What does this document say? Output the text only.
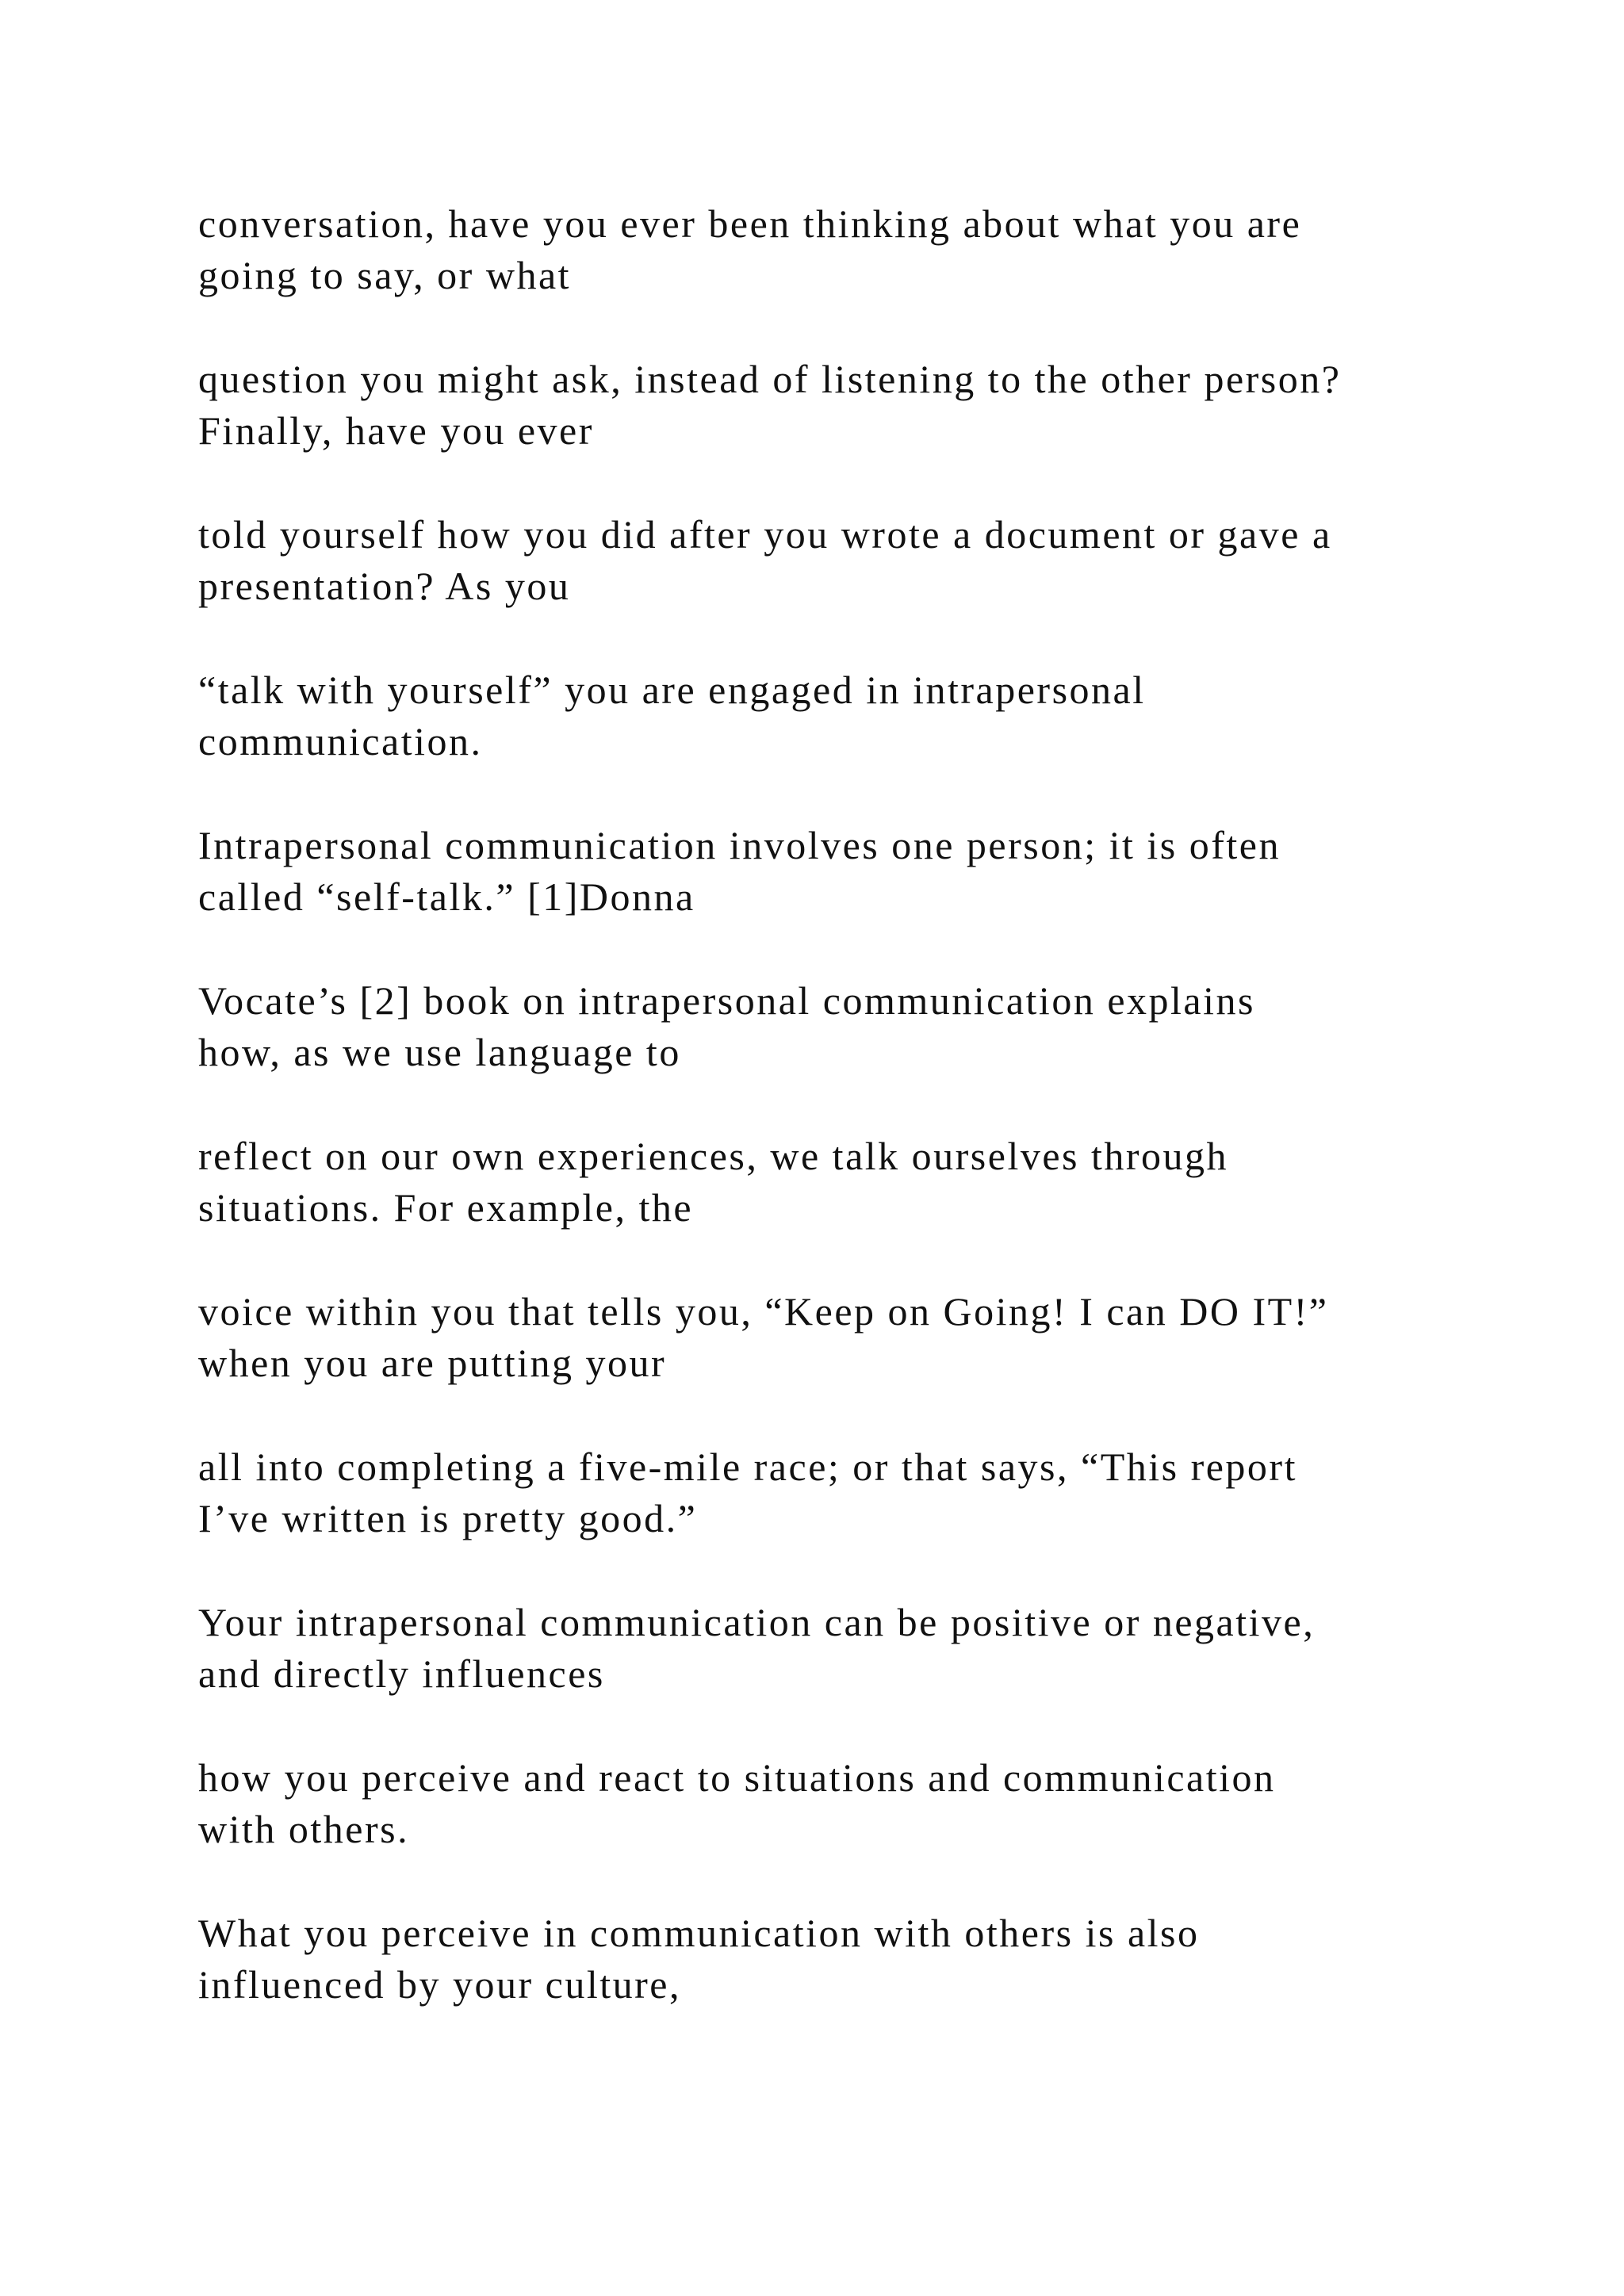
conversation, have you ever been thinking about what you are
going to say, or what

question you might ask, instead of listening to the other person?
Finally, have you ever

told yourself how you did after you wrote a document or gave a
presentation? As you

“talk with yourself” you are engaged in intrapersonal
communication.

Intrapersonal communication involves one person; it is often
called “self-talk.” [1]Donna

Vocate’s [2] book on intrapersonal communication explains
how, as we use language to

reflect on our own experiences, we talk ourselves through
situations. For example, the

voice within you that tells you, “Keep on Going! I can DO IT!”
when you are putting your

all into completing a five-mile race; or that says, “This report
I’ve written is pretty good.”

Your intrapersonal communication can be positive or negative,
and directly influences

how you perceive and react to situations and communication
with others.

What you perceive in communication with others is also
influenced by your culture,
